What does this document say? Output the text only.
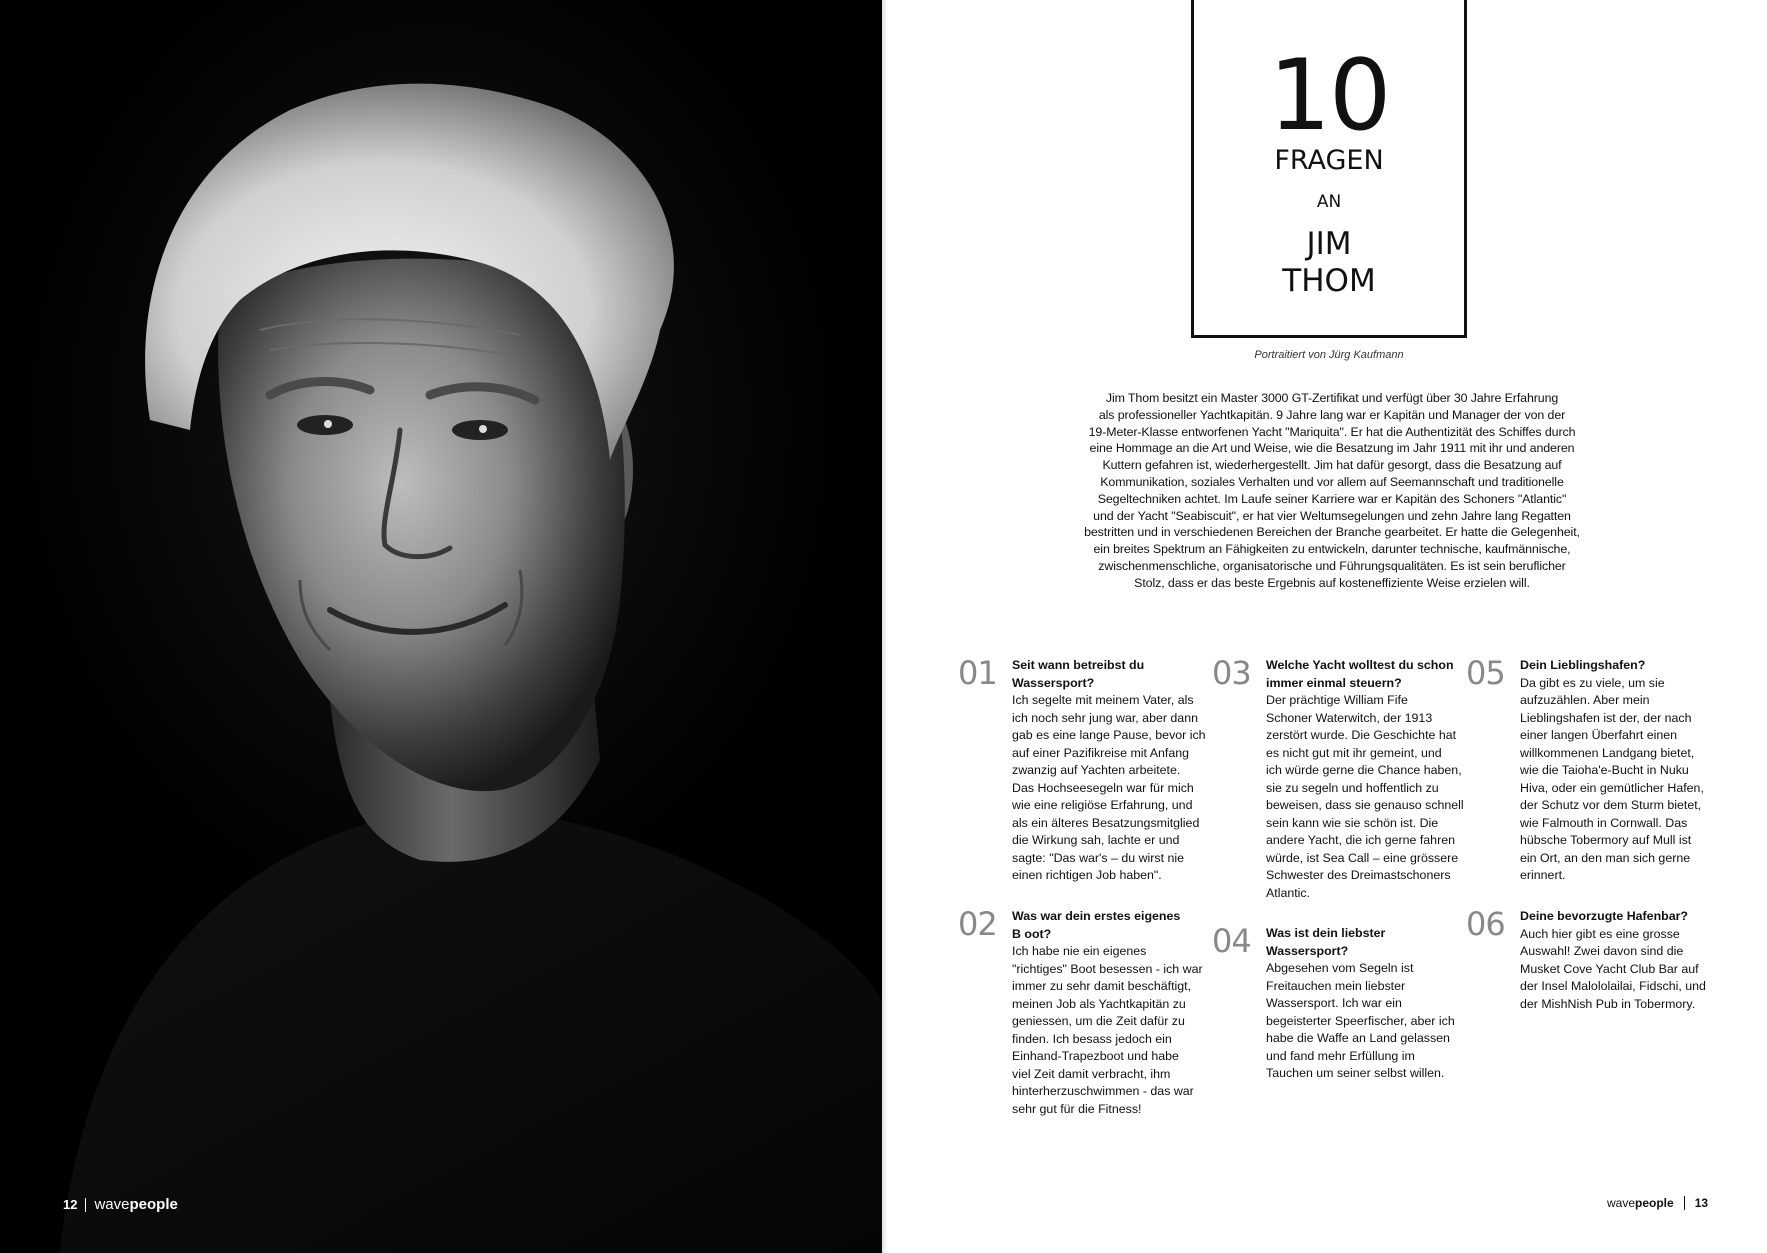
12 wavepeople
10
FRAGEN
AN
JIM
THOM
Portraitiert von Jürg Kaufmann
Jim Thom besitzt ein Master 3000 GT-Zertifikat und verfügt über 30 Jahre Erfahrung
als professioneller Yachtkapitän. 9 Jahre lang war er Kapitän und Manager der von der
19-Meter-Klasse entworfenen Yacht "Mariquita". Er hat die Authentizität des Schiffes durch
eine Hommage an die Art und Weise, wie die Besatzung im Jahr 1911 mit ihr und anderen
Kuttern gefahren ist, wiederhergestellt. Jim hat dafür gesorgt, dass die Besatzung auf
Kommunikation, soziales Verhalten und vor allem auf Seemannschaft und traditionelle
Segeltechniken achtet. Im Laufe seiner Karriere war er Kapitän des Schoners "Atlantic"
und der Yacht "Seabiscuit", er hat vier Weltumsegelungen und zehn Jahre lang Regatten
bestritten und in verschiedenen Bereichen der Branche gearbeitet. Er hatte die Gelegenheit,
ein breites Spektrum an Fähigkeiten zu entwickeln, darunter technische, kaufmännische,
zwischenmenschliche, organisatorische und Führungsqualitäten. Es ist sein beruflicher
Stolz, dass er das beste Ergebnis auf kosteneffiziente Weise erzielen will.
01	Seit wann betreibst du
Wassersport?
Ich segelte mit meinem Vater, als
ich noch sehr jung war, aber dann
gab es eine lange Pause, bevor ich
auf einer Pazifikreise mit Anfang
zwanzig auf Yachten arbeitete.
Das Hochseesegeln war für mich
wie eine religiöse Erfahrung, und
als ein älteres Besatzungsmitglied
die Wirkung sah, lachte er und
sagte: "Das war's – du wirst nie
einen richtigen Job haben".
02	Was war dein erstes eigenes
B oot?
Ich habe nie ein eigenes
"richtiges" Boot besessen - ich war
immer zu sehr damit beschäftigt,
meinen Job als Yachtkapitän zu
geniessen, um die Zeit dafür zu
finden. Ich besass jedoch ein
Einhand-Trapezboot und habe
viel Zeit damit verbracht, ihm
hinterherzuschwimmen - das war
sehr gut für die Fitness!
03	Welche Yacht wolltest du schon
immer einmal steuern?
Der prächtige William Fife
Schoner Waterwitch, der 1913
zerstört wurde. Die Geschichte hat
es nicht gut mit ihr gemeint, und
ich würde gerne die Chance haben,
sie zu segeln und hoffentlich zu
beweisen, dass sie genauso schnell
sein kann wie sie schön ist. Die
andere Yacht, die ich gerne fahren
würde, ist Sea Call – eine grössere
Schwester des Dreimastschoners
Atlantic.
04	Was ist dein liebster
Wassersport?
Abgesehen vom Segeln ist
Freitauchen mein liebster
Wassersport. Ich war ein
begeisterter Speerfischer, aber ich
habe die Waffe an Land gelassen
und fand mehr Erfüllung im
Tauchen um seiner selbst willen.
05	Dein Lieblingshafen?
Da gibt es zu viele, um sie
aufzuzählen. Aber mein
Lieblingshafen ist der, der nach
einer langen Überfahrt einen
willkommenen Landgang bietet,
wie die Taioha'e-Bucht in Nuku
Hiva, oder ein gemütlicher Hafen,
der Schutz vor dem Sturm bietet,
wie Falmouth in Cornwall. Das
hübsche Tobermory auf Mull ist
ein Ort, an den man sich gerne
erinnert.
06	Deine bevorzugte Hafenbar?
Auch hier gibt es eine grosse
Auswahl! Zwei davon sind die
Musket Cove Yacht Club Bar auf
der Insel Malololailai, Fidschi, und
der MishNish Pub in Tobermory.
wavepeople 13
